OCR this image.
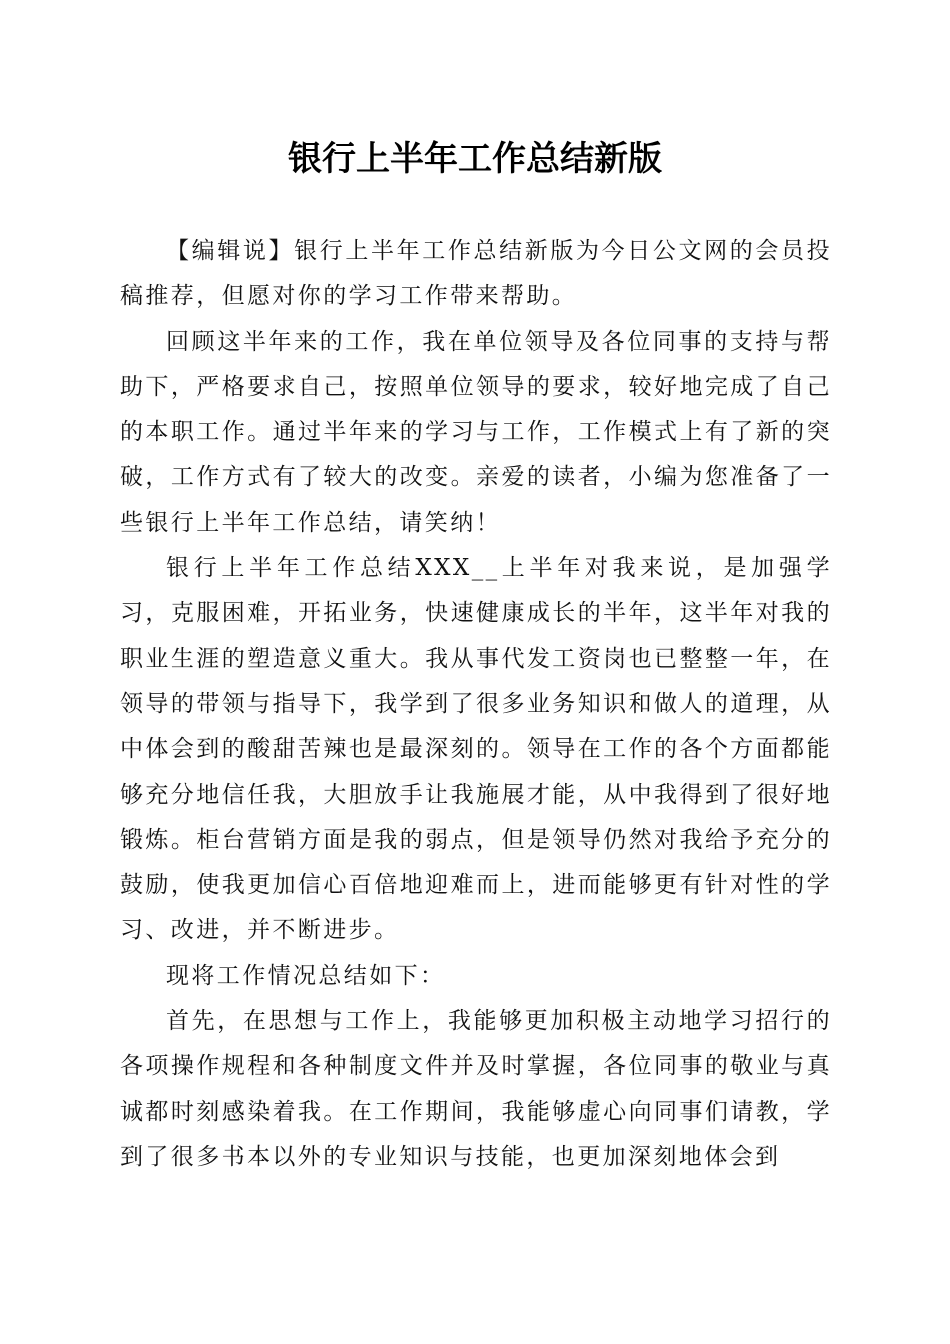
银行上半年工作总结新版

【编辑说】银行上半年工作总结新版为今日公文网的会员投稿推荐，但愿对你的学习工作带来帮助。

回顾这半年来的工作，我在单位领导及各位同事的支持与帮助下，严格要求自己，按照单位领导的要求，较好地完成了自己的本职工作。通过半年来的学习与工作，工作模式上有了新的突破，工作方式有了较大的改变。亲爱的读者，小编为您准备了一些银行上半年工作总结，请笑纳！

银行上半年工作总结XXX__上半年对我来说，是加强学习，克服困难，开拓业务，快速健康成长的半年，这半年对我的职业生涯的塑造意义重大。我从事代发工资岗也已整整一年，在领导的带领与指导下，我学到了很多业务知识和做人的道理，从中体会到的酸甜苦辣也是最深刻的。领导在工作的各个方面都能够充分地信任我，大胆放手让我施展才能，从中我得到了很好地锻炼。柜台营销方面是我的弱点，但是领导仍然对我给予充分的鼓励，使我更加信心百倍地迎难而上，进而能够更有针对性的学习、改进，并不断进步。

现将工作情况总结如下：

首先，在思想与工作上，我能够更加积极主动地学习招行的各项操作规程和各种制度文件并及时掌握，各位同事的敬业与真诚都时刻感染着我。在工作期间，我能够虚心向同事们请教，学到了很多书本以外的专业知识与技能，也更加深刻地体会到
